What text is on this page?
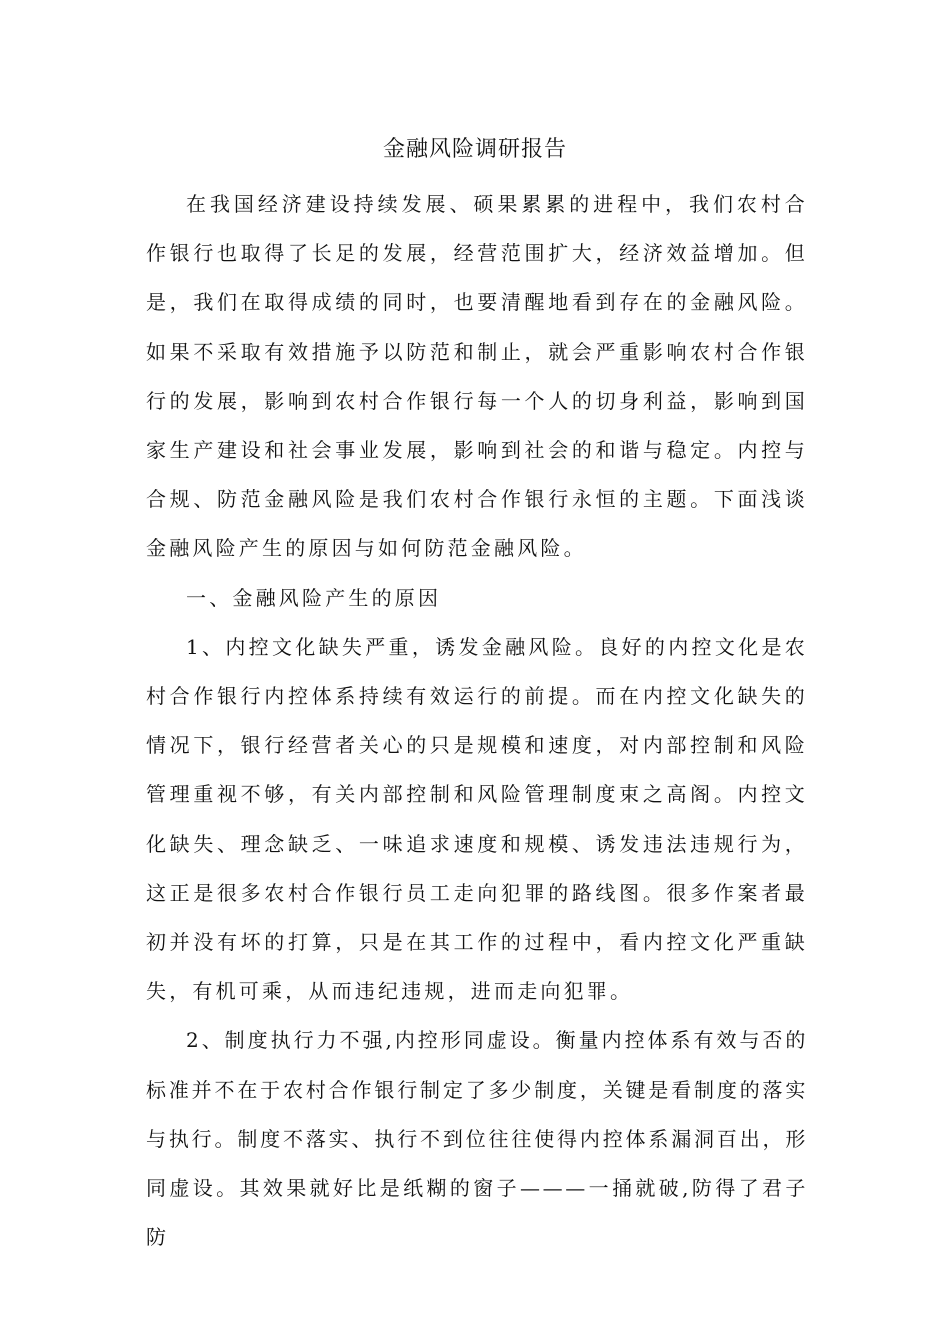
金融风险调研报告

在我国经济建设持续发展、硕果累累的进程中，我们农村合作银行也取得了长足的发展，经营范围扩大，经济效益增加。但是，我们在取得成绩的同时，也要清醒地看到存在的金融风险。如果不采取有效措施予以防范和制止，就会严重影响农村合作银行的发展，影响到农村合作银行每一个人的切身利益，影响到国家生产建设和社会事业发展，影响到社会的和谐与稳定。内控与合规、防范金融风险是我们农村合作银行永恒的主题。下面浅谈金融风险产生的原因与如何防范金融风险。

一、金融风险产生的原因

1、内控文化缺失严重，诱发金融风险。良好的内控文化是农村合作银行内控体系持续有效运行的前提。而在内控文化缺失的情况下，银行经营者关心的只是规模和速度，对内部控制和风险管理重视不够，有关内部控制和风险管理制度束之高阁。内控文化缺失、理念缺乏、一味追求速度和规模、诱发违法违规行为，这正是很多农村合作银行员工走向犯罪的路线图。很多作案者最初并没有坏的打算，只是在其工作的过程中，看内控文化严重缺失，有机可乘，从而违纪违规，进而走向犯罪。

2、制度执行力不强,内控形同虚设。衡量内控体系有效与否的标准并不在于农村合作银行制定了多少制度，关键是看制度的落实与执行。制度不落实、执行不到位往往使得内控体系漏洞百出，形同虚设。其效果就好比是纸糊的窗子———一捅就破,防得了君子防
